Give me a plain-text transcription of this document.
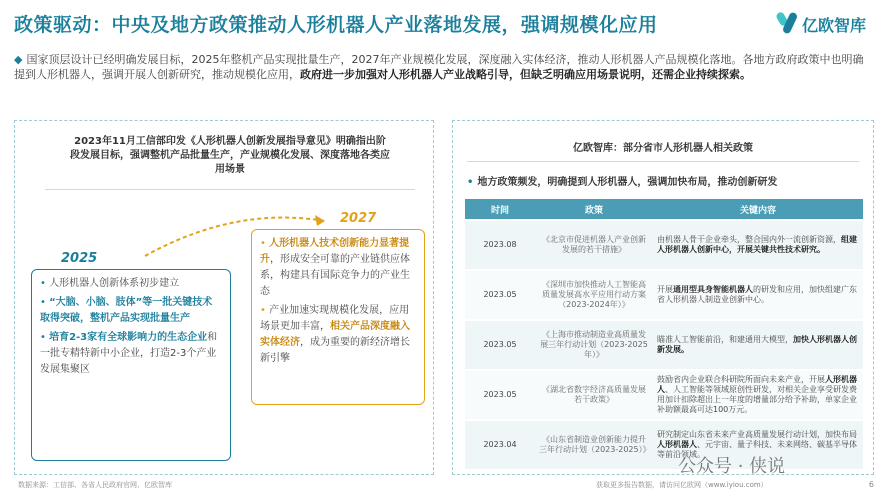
政策驱动：中央及地方政策推动人形机器人产业落地发展，强调规模化应用	亿欧智库
◆ 国家顶层设计已经明确发展目标，2025年整机产品实现批量生产，2027年产业规模化发展，深度融入实体经济，推动人形机器人产品规模化落地。各地方政府政策中也明确提到人形机器人，强调开展人创新研究，推动规模化应用，政府进一步加强对人形机器人产业战略引导，但缺乏明确应用场景说明，还需企业持续探索。
2023年11月工信部印发《人形机器人创新发展指导意见》明确指出阶段发展目标，强调整机产品批量生产，产业规模化发展、深度落地各类应用场景
2027
2025

• 人形机器人技术创新能力显著提升，形成安全可靠的产业链供应体系，构建具有国际竞争力的产业生态

• 产业加速实现规模化发展，应用场景更加丰富，相关产品深度融入实体经济，成为重要的新经济增长新引擎

• 人形机器人创新体系初步建立

• “大脑、小脑、肢体”等一批关键技术取得突破，整机产品实现批量生产

• 培育2-3家有全球影响力的生态企业和一批专精特新中小企业，打造2-3个产业发展集聚区

亿欧智库：部分省市人形机器人相关政策
• 地方政策频发，明确提到人形机器人，强调加快布局，推动创新研发
时间	政策	关键内容
2023.08	《北京市促进机器人产业创新发展的若干措施》	由机器人骨干企业牵头，整合国内外一流创新资源，组建人形机器人创新中心，开展关键共性技术研究。
2023.05	《深圳市加快推动人工智能高质量发展高水平应用行动方案（2023-2024年）》	开展通用型具身智能机器人的研发和应用，加快组建广东省人形机器人制造业创新中心。
2023.05	《上海市推动制造业高质量发展三年行动计划（2023-2025年）》	瞄准人工智能前沿，和建通用大模型，加快人形机器人创新发展。
2023.05	《湖北省数字经济高质量发展若干政策》	鼓励省内企业联合科研院所面向未来产业，开展人形机器人、人工智能等领域原创性研发，对相关企业享受研发费用加计扣除超出上一年度的增量部分给予补助，单家企业补助额最高可达100万元。
2023.04	《山东省制造业创新能力提升三年行动计划（2023-2025）》	研究制定山东省未来产业高质量发展行动计划，加快布局人形机器人、元宇宙、量子科技、未来网络、碳基半导体等前沿领域。
数据来源：工信部、各省人民政府官网、亿欧智库
公众号 · 侠说
获取更多报告数据，请访问亿欧网（www.iyiou.com）	6
